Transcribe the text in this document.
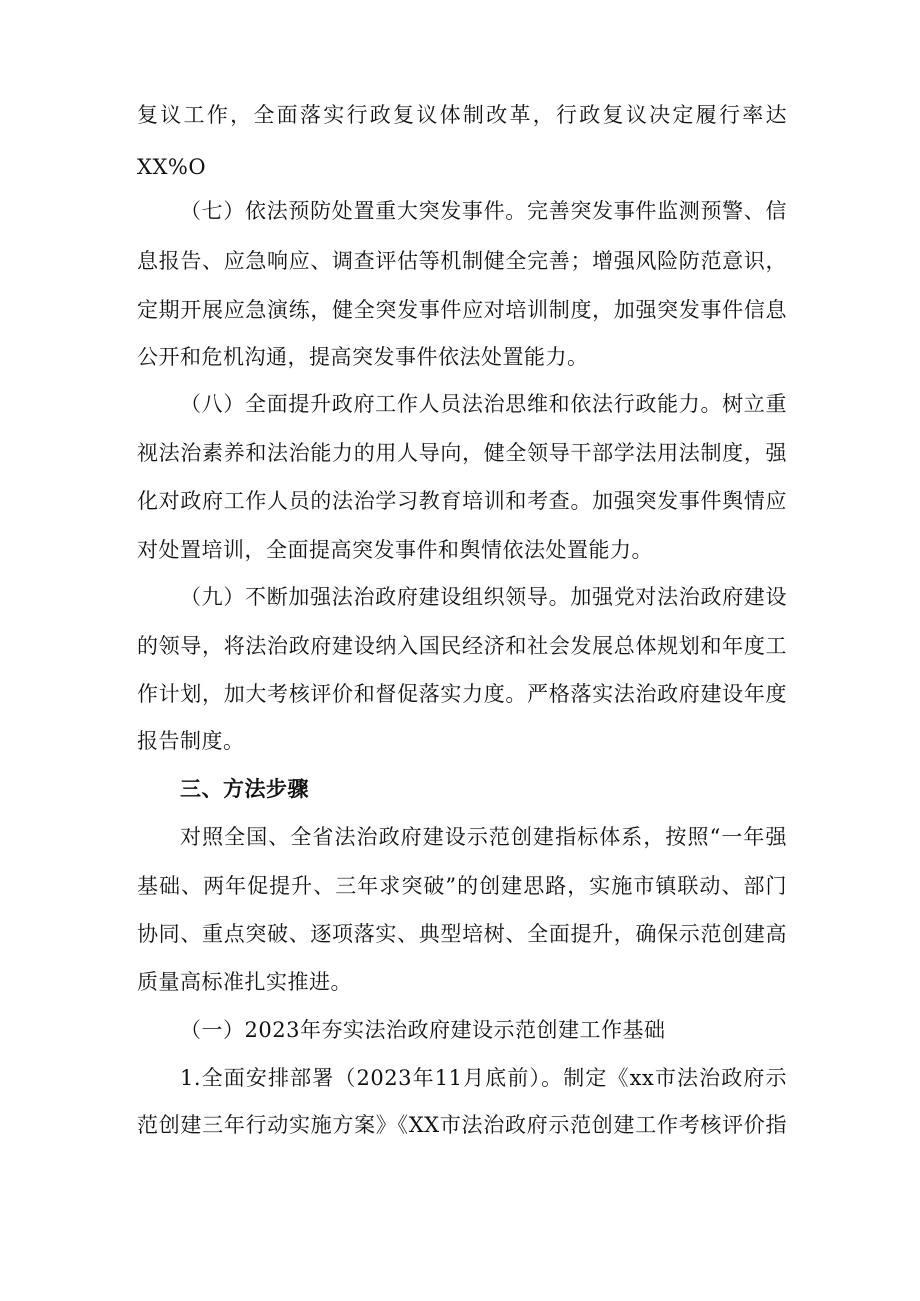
复议工作，全面落实行政复议体制改革，行政复议决定履行率达
XX%O
（七）依法预防处置重大突发事件。完善突发事件监测预警、信
息报告、应急响应、调查评估等机制健全完善；增强风险防范意识，
定期开展应急演练，健全突发事件应对培训制度，加强突发事件信息
公开和危机沟通，提高突发事件依法处置能力。
（八）全面提升政府工作人员法治思维和依法行政能力。树立重
视法治素养和法治能力的用人导向，健全领导干部学法用法制度，强
化对政府工作人员的法治学习教育培训和考查。加强突发事件舆情应
对处置培训，全面提高突发事件和舆情依法处置能力。
（九）不断加强法治政府建设组织领导。加强党对法治政府建设
的领导，将法治政府建设纳入国民经济和社会发展总体规划和年度工
作计划，加大考核评价和督促落实力度。严格落实法治政府建设年度
报告制度。
三、方法步骤
对照全国、全省法治政府建设示范创建指标体系，按照“一年强
基础、两年促提升、三年求突破”的创建思路，实施市镇联动、部门
协同、重点突破、逐项落实、典型培树、全面提升，确保示范创建高
质量高标准扎实推进。
（一）2023年夯实法治政府建设示范创建工作基础
1.全面安排部署（2023年11月底前）。制定《xx市法治政府示
范创建三年行动实施方案》《XX市法治政府示范创建工作考核评价指
